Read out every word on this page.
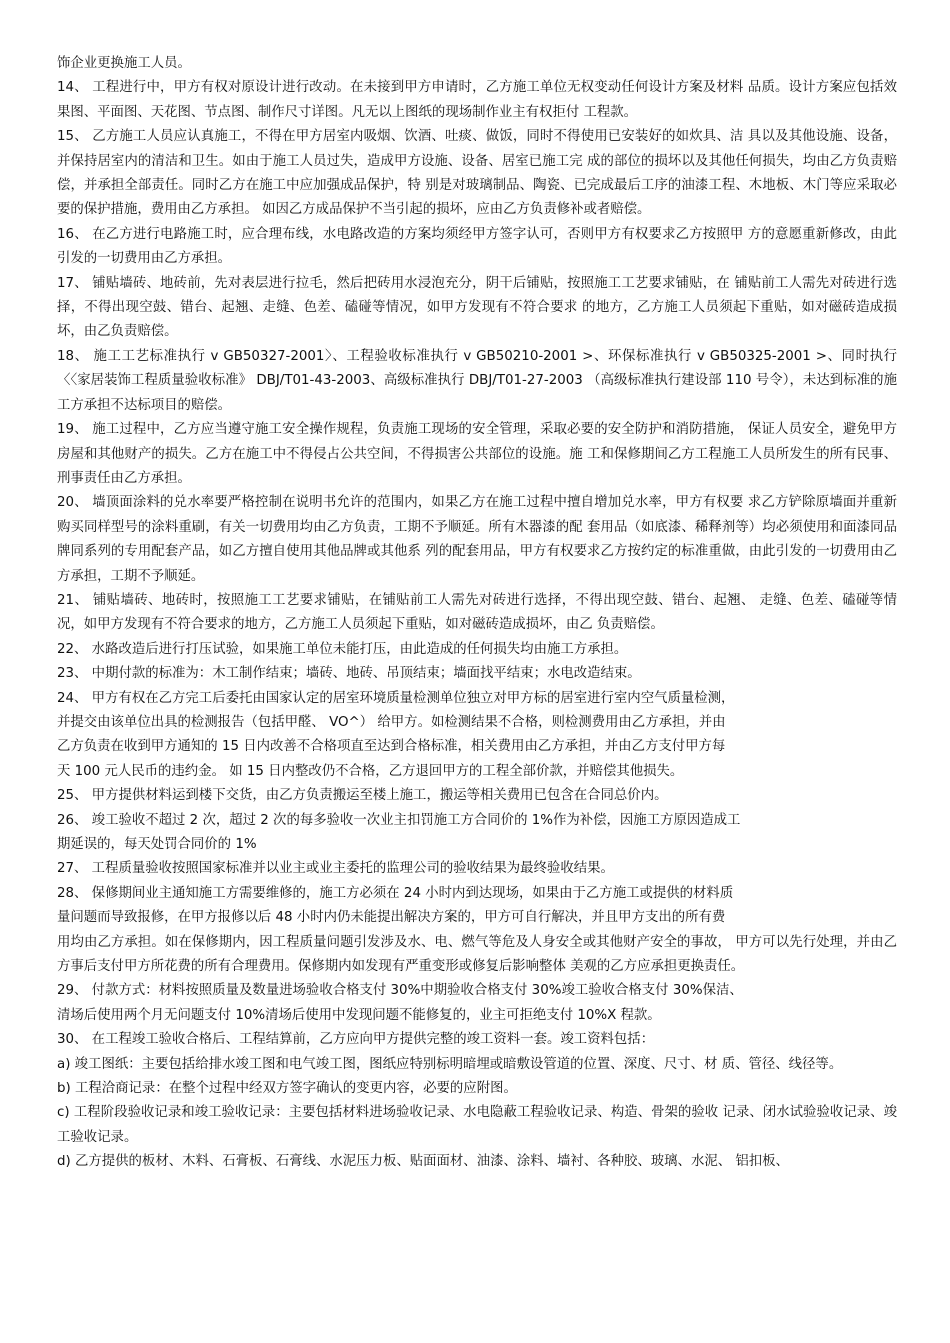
饰企业更换施工人员。

14、 工程进行中，甲方有权对原设计进行改动。在未接到甲方申请时，乙方施工单位无权变动任何设计方案及材料 品质。设计方案应包括效果图、平面图、天花图、节点图、制作尺寸详图。凡无以上图纸的现场制作业主有权拒付 工程款。

15、 乙方施工人员应认真施工，不得在甲方居室内吸烟、饮酒、吐痰、做饭，同时不得使用已安装好的如炊具、洁 具以及其他设施、设备，并保持居室内的清洁和卫生。如由于施工人员过失，造成甲方设施、设备、居室已施工完 成的部位的损坏以及其他任何损失，均由乙方负责赔偿，并承担全部责任。同时乙方在施工中应加强成品保护，特 别是对玻璃制品、陶瓷、已完成最后工序的油漆工程、木地板、木门等应采取必要的保护措施，费用由乙方承担。 如因乙方成品保护不当引起的损坏，应由乙方负责修补或者赔偿。

16、 在乙方进行电路施工时，应合理布线，水电路改造的方案均须经甲方签字认可，否则甲方有权要求乙方按照甲 方的意愿重新修改，由此引发的一切费用由乙方承担。

17、 铺贴墙砖、地砖前，先对表层进行拉毛，然后把砖用水浸泡充分，阴干后铺贴，按照施工工艺要求铺贴，在 铺贴前工人需先对砖进行选择，不得出现空鼓、错台、起翘、走缝、色差、磕碰等情况，如甲方发现有不符合要求 的地方，乙方施工人员须起下重贴，如对磁砖造成损坏，由乙负责赔偿。

18、 施工工艺标准执行 v GB50327-2001〉、工程验收标准执行 v GB50210-2001 >、环保标准执行 v GB50325-2001 >、同时执行〈〈家居装饰工程质量验收标准》 DBJ/T01-43-2003、高级标准执行 DBJ/T01-27-2003 （高级标准执行建设部 110 号令），未达到标准的施工方承担不达标项目的赔偿。

19、 施工过程中，乙方应当遵守施工安全操作规程，负责施工现场的安全管理，采取必要的安全防护和消防措施， 保证人员安全，避免甲方房屋和其他财产的损失。乙方在施工中不得侵占公共空间，不得损害公共部位的设施。施 工和保修期间乙方工程施工人员所发生的所有民事、刑事责任由乙方承担。

20、 墙顶面涂料的兑水率要严格控制在说明书允许的范围内，如果乙方在施工过程中擅自增加兑水率，甲方有权要 求乙方铲除原墙面并重新购买同样型号的涂料重刷，有关一切费用均由乙方负责，工期不予顺延。所有木器漆的配 套用品（如底漆、稀释剂等）均必须使用和面漆同品牌同系列的专用配套产品，如乙方擅自使用其他品牌或其他系 列的配套用品，甲方有权要求乙方按约定的标准重做，由此引发的一切费用由乙方承担，工期不予顺延。

21、 铺贴墙砖、地砖时，按照施工工艺要求铺贴，在铺贴前工人需先对砖进行选择，不得出现空鼓、错台、起翘、 走缝、色差、磕碰等情况，如甲方发现有不符合要求的地方，乙方施工人员须起下重贴，如对磁砖造成损坏，由乙 负责赔偿。

22、 水路改造后进行打压试验，如果施工单位未能打压，由此造成的任何损失均由施工方承担。

23、 中期付款的标准为：木工制作结束；墙砖、地砖、吊顶结束；墙面找平结束；水电改造结束。

24、 甲方有权在乙方完工后委托由国家认定的居室环境质量检测单位独立对甲方标的居室进行室内空气质量检测，

并提交由该单位出具的检测报告（包括甲醛、 VO^） 给甲方。如检测结果不合格，则检测费用由乙方承担，并由

乙方负责在收到甲方通知的 15 日内改善不合格项直至达到合格标准，相关费用由乙方承担，并由乙方支付甲方每

天 100 元人民币的违约金。 如 15 日内整改仍不合格，乙方退回甲方的工程全部价款，并赔偿其他损失。

25、 甲方提供材料运到楼下交货，由乙方负责搬运至楼上施工，搬运等相关费用已包含在合同总价内。

26、 竣工验收不超过 2 次，超过 2 次的每多验收一次业主扣罚施工方合同价的 1%作为补偿，因施工方原因造成工

期延误的，每天处罚合同价的 1%

27、 工程质量验收按照国家标准并以业主或业主委托的监理公司的验收结果为最终验收结果。

28、 保修期间业主通知施工方需要维修的，施工方必须在 24 小时内到达现场，如果由于乙方施工或提供的材料质

量问题而导致报修，在甲方报修以后 48 小时内仍未能提出解决方案的，甲方可自行解决，并且甲方支出的所有费

用均由乙方承担。如在保修期内，因工程质量问题引发涉及水、电、燃气等危及人身安全或其他财产安全的事故， 甲方可以先行处理，并由乙方事后支付甲方所花费的所有合理费用。保修期内如发现有严重变形或修复后影响整体 美观的乙方应承担更换责任。

29、 付款方式：材料按照质量及数量进场验收合格支付 30%中期验收合格支付 30%竣工验收合格支付 30%保洁、

清场后使用两个月无问题支付 10%清场后使用中发现问题不能修复的，业主可拒绝支付 10%X 程款。

30、 在工程竣工验收合格后、工程结算前，乙方应向甲方提供完整的竣工资料一套。竣工资料包括：

a) 竣工图纸：主要包括给排水竣工图和电气竣工图，图纸应特别标明暗埋或暗敷设管道的位置、深度、尺寸、材 质、管径、线径等。

b) 工程洽商记录：在整个过程中经双方签字确认的变更内容，必要的应附图。

c) 工程阶段验收记录和竣工验收记录：主要包括材料进场验收记录、水电隐蔽工程验收记录、构造、骨架的验收 记录、闭水试验验收记录、竣工验收记录。

d) 乙方提供的板材、木料、石膏板、石膏线、水泥压力板、贴面面材、油漆、涂料、墙衬、各种胶、玻璃、水泥、 铝扣板、
